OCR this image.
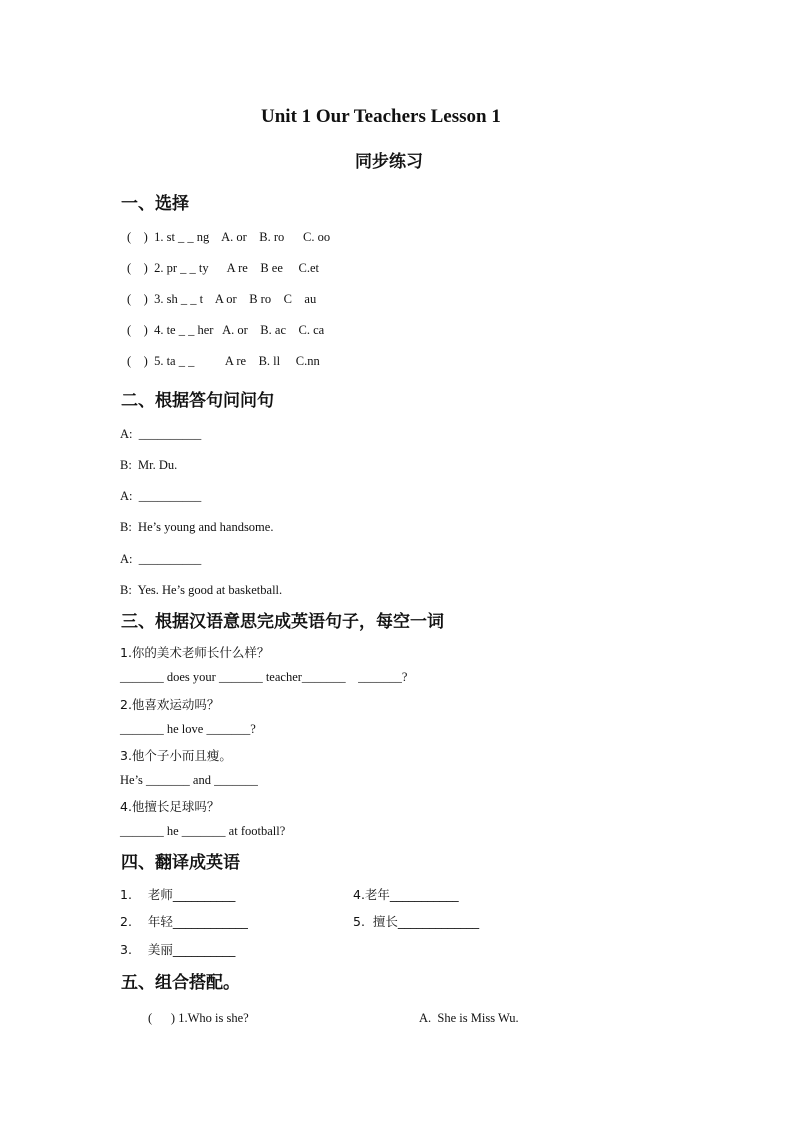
Unit 1 Our Teachers Lesson 1
同步练习
一、选择
(    )  1. st _ _ ng    A. or    B. ro      C. oo
(    )  2. pr _ _ ty      A re    B ee     C.et
(    )  3. sh _ _ t    A or    B ro    C    au
(    )  4. te _ _ her   A. or    B. ac    C. ca
(    )  5. ta _ _          A re    B. ll     C.nn
二、根据答句问问句
A:  __________
B:  Mr. Du.
A:  __________
B:  He’s young and handsome.
A:  __________
B:  Yes. He’s good at basketball.
三、根据汉语意思完成英语句子，每空一词
1.你的美术老师长什么样？
_______ does your _______ teacher_______    _______?
2.他喜欢运动吗？
_______ he love _______?
3.他个子小而且瘦。
He’s _______ and _______
4.他擅长足球吗？
_______ he _______ at football?
四、翻译成英语
1.    老师__________	4.老年___________
2.    年轻____________	5.  擅长_____________
3.    美丽__________
五、组合搭配。
(      ) 1.Who is she?	A.  She is Miss Wu.
